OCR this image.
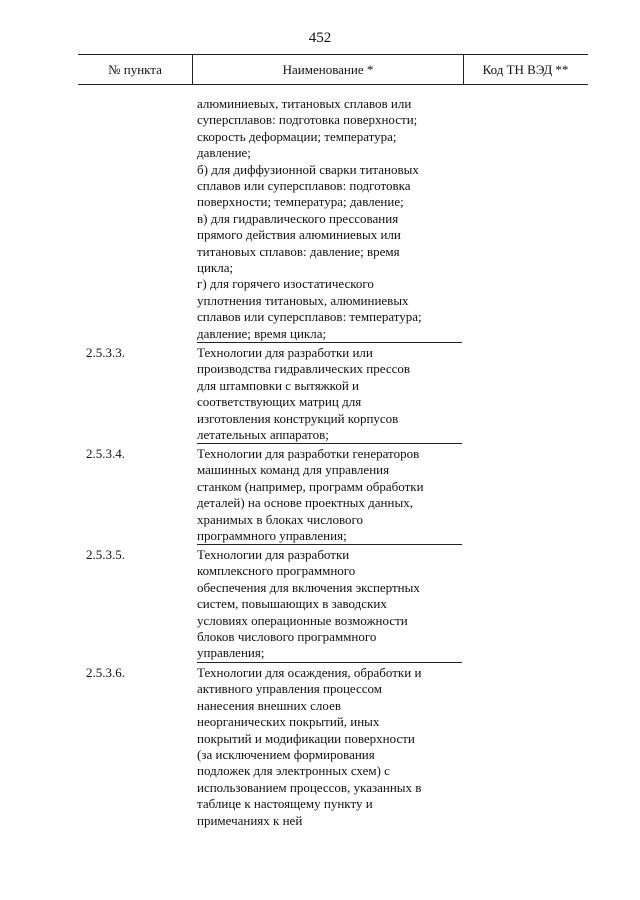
452
№ пункта	Наименование *	Код ТН ВЭД **
алюминиевых, титановых сплавов или
суперсплавов: подготовка поверхности;
скорость деформации; температура;
давление;
б) для диффузионной сварки титановых
сплавов или суперсплавов: подготовка
поверхности; температура; давление;
в) для гидравлического прессования
прямого действия алюминиевых или
титановых сплавов: давление; время
цикла;
г) для горячего изостатического
уплотнения титановых, алюминиевых
сплавов или суперсплавов: температура;
давление; время цикла;
2.5.3.3.	Технологии для разработки или
производства гидравлических прессов
для штамповки с вытяжкой и
соответствующих матриц для
изготовления конструкций корпусов
летательных аппаратов;
2.5.3.4.	Технологии для разработки генераторов
машинных команд для управления
станком (например, программ обработки
деталей) на основе проектных данных,
хранимых в блоках числового
программного управления;
2.5.3.5.	Технологии для разработки
комплексного программного
обеспечения для включения экспертных
систем, повышающих в заводских
условиях операционные возможности
блоков числового программного
управления;
2.5.3.6.	Технологии для осаждения, обработки и
активного управления процессом
нанесения внешних слоев
неорганических покрытий, иных
покрытий и модификации поверхности
(за исключением формирования
подложек для электронных схем) с
использованием процессов, указанных в
таблице к настоящему пункту и
примечаниях к ней
